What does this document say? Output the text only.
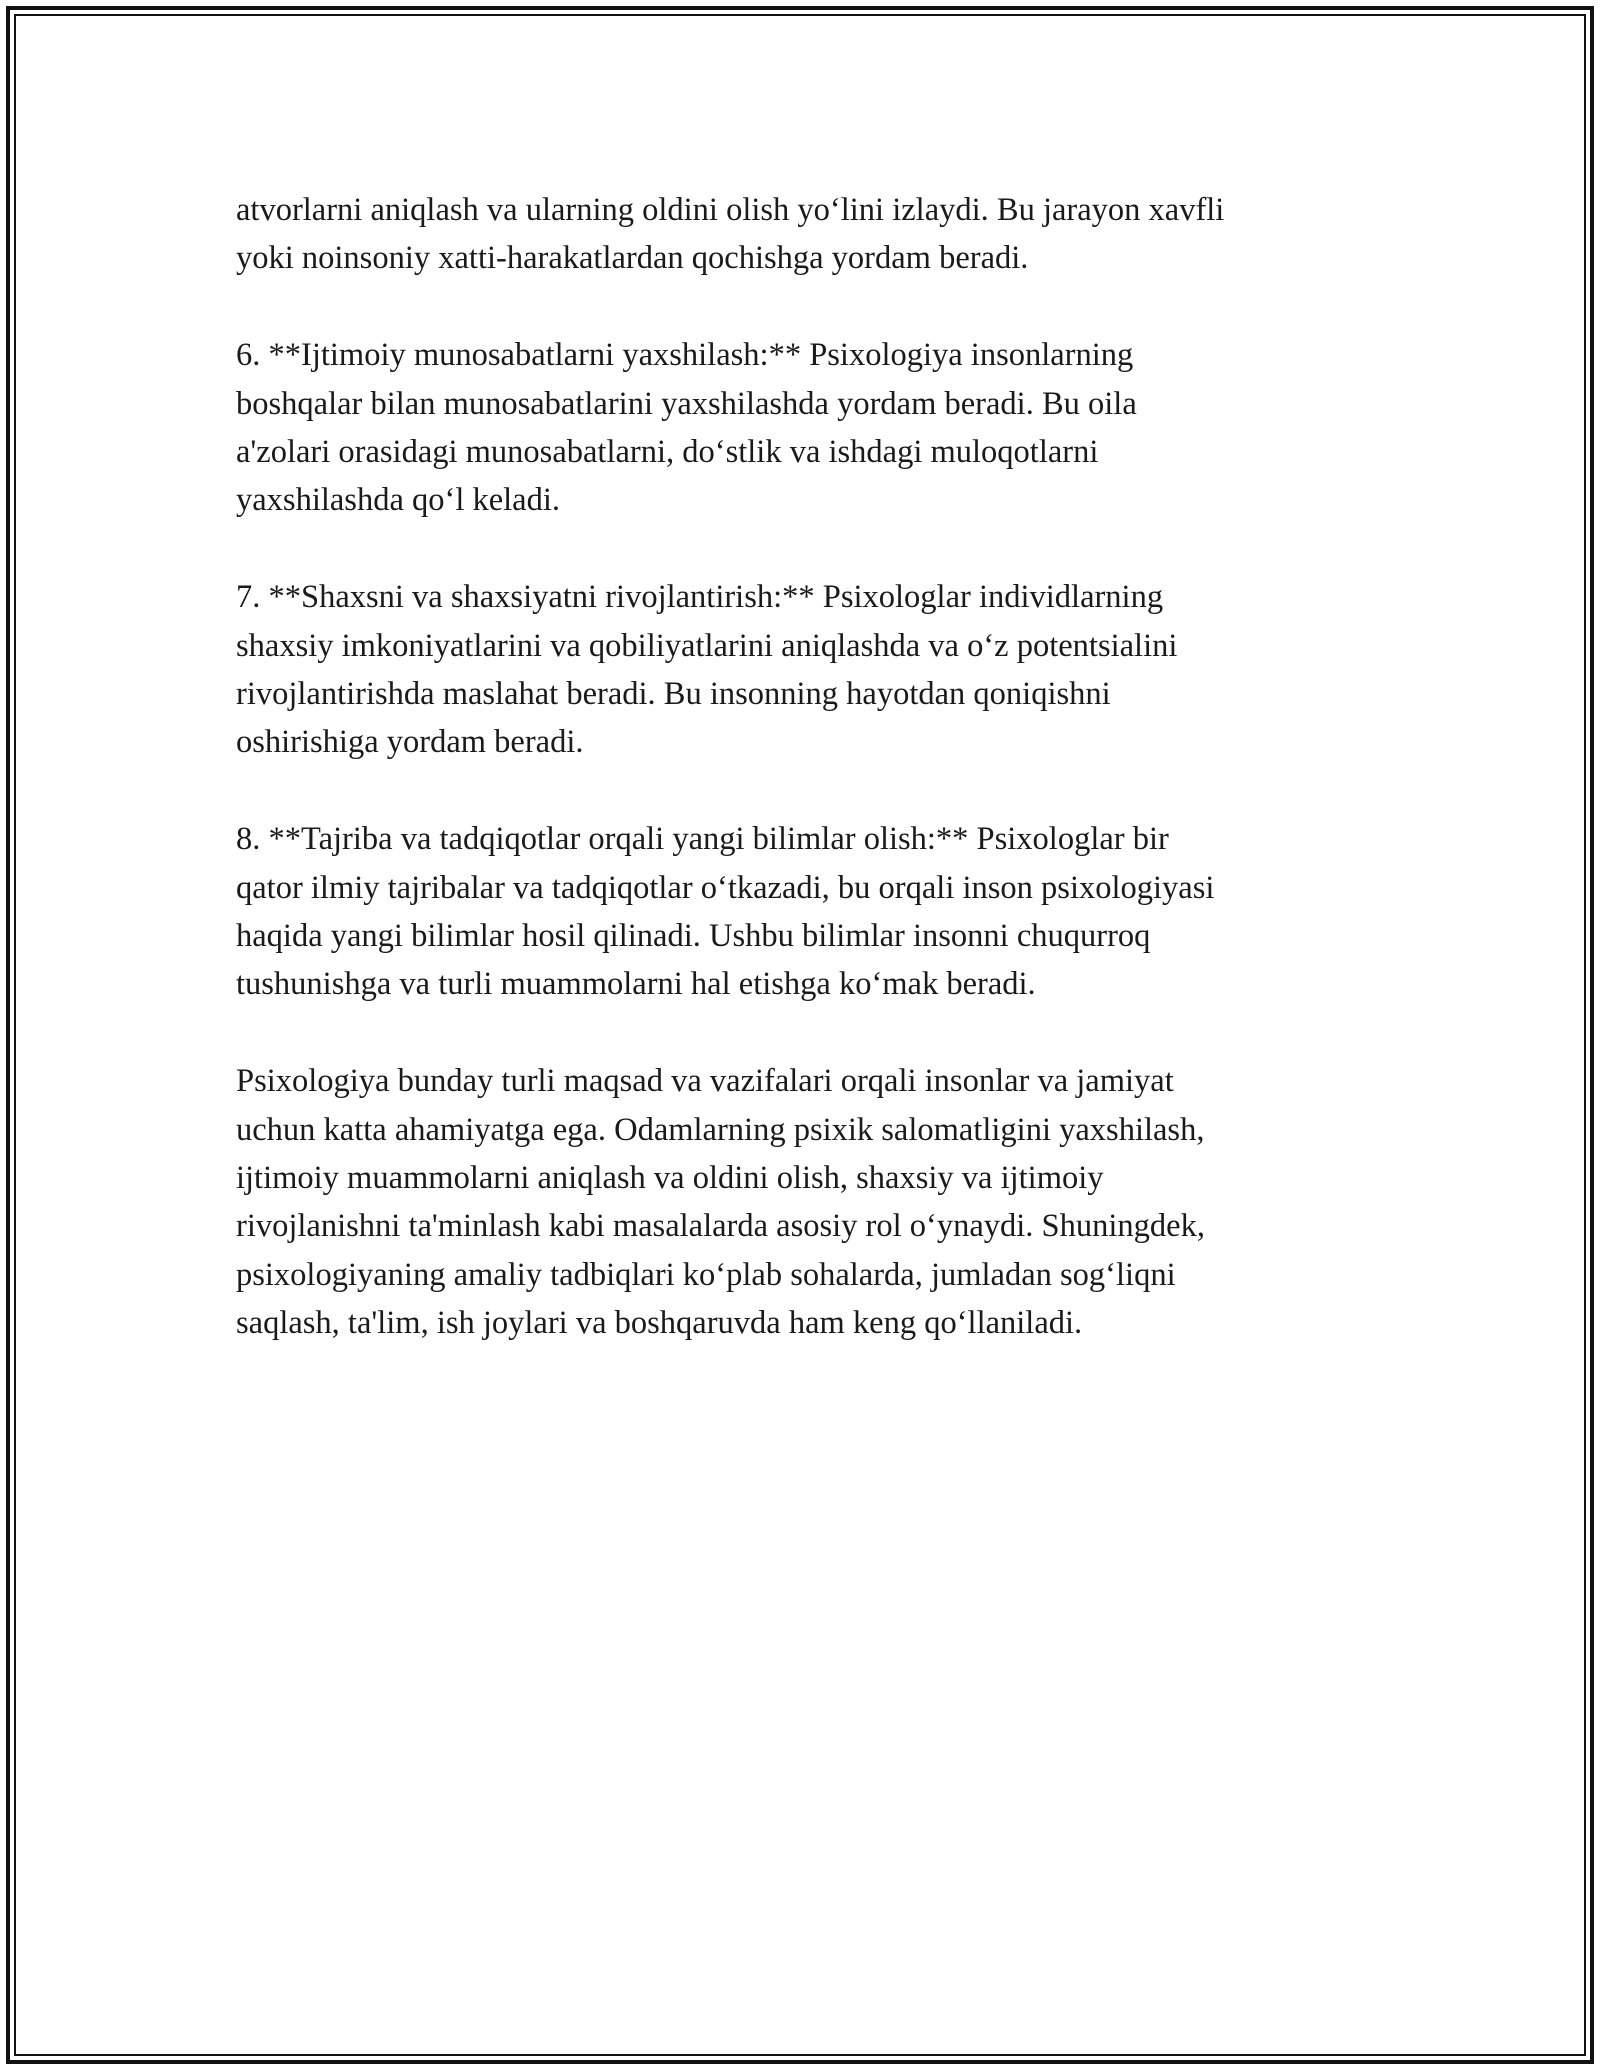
atvorlarni aniqlash va ularning oldini olish yo‘lini izlaydi. Bu jarayon xavfli
yoki noinsoniy xatti-harakatlardan qochishga yordam beradi.

6. **Ijtimoiy munosabatlarni yaxshilash:** Psixologiya insonlarning
boshqalar bilan munosabatlarini yaxshilashda yordam beradi. Bu oila
a'zolari orasidagi munosabatlarni, do‘stlik va ishdagi muloqotlarni
yaxshilashda qo‘l keladi.

7. **Shaxsni va shaxsiyatni rivojlantirish:** Psixologlar individlarning
shaxsiy imkoniyatlarini va qobiliyatlarini aniqlashda va o‘z potentsialini
rivojlantirishda maslahat beradi. Bu insonning hayotdan qoniqishni
oshirishiga yordam beradi.

8. **Tajriba va tadqiqotlar orqali yangi bilimlar olish:** Psixologlar bir
qator ilmiy tajribalar va tadqiqotlar o‘tkazadi, bu orqali inson psixologiyasi
haqida yangi bilimlar hosil qilinadi. Ushbu bilimlar insonni chuqurroq
tushunishga va turli muammolarni hal etishga ko‘mak beradi.

Psixologiya bunday turli maqsad va vazifalari orqali insonlar va jamiyat
uchun katta ahamiyatga ega. Odamlarning psixik salomatligini yaxshilash,
ijtimoiy muammolarni aniqlash va oldini olish, shaxsiy va ijtimoiy
rivojlanishni ta'minlash kabi masalalarda asosiy rol o‘ynaydi. Shuningdek,
psixologiyaning amaliy tadbiqlari ko‘plab sohalarda, jumladan sog‘liqni
saqlash, ta'lim, ish joylari va boshqaruvda ham keng qo‘llaniladi.
